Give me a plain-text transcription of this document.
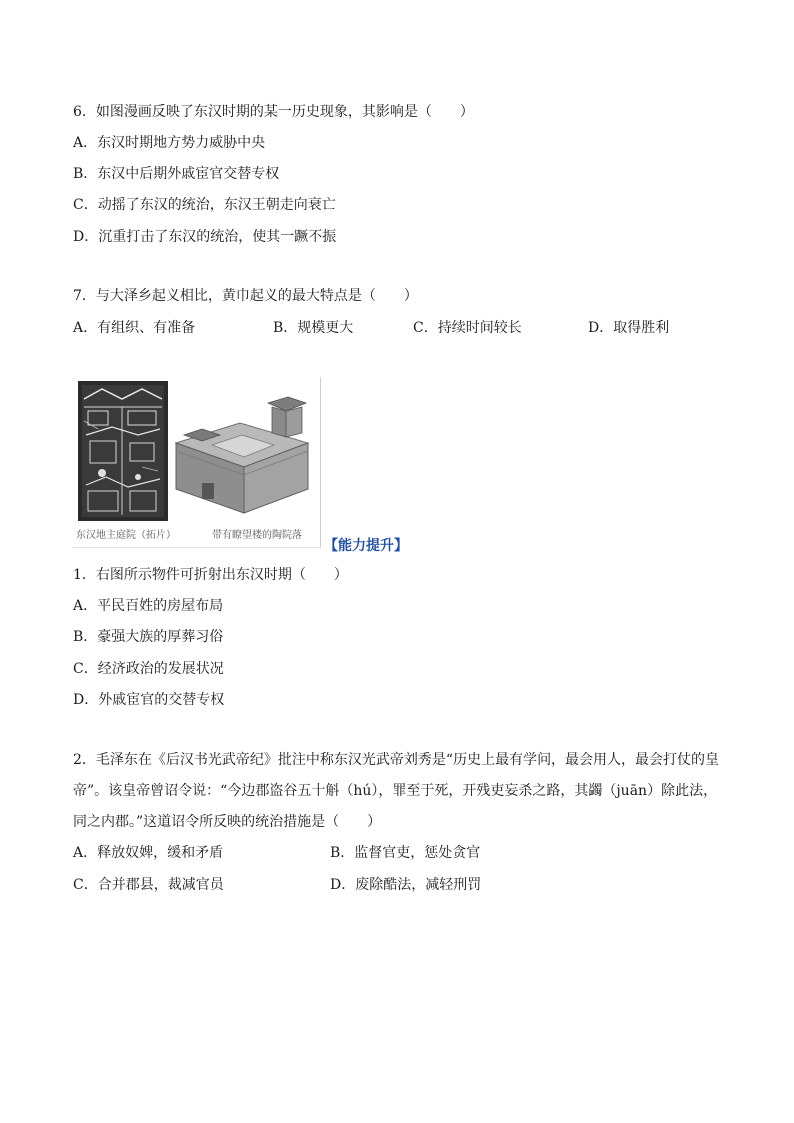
6．如图漫画反映了东汉时期的某一历史现象，其影响是（　　）
A．东汉时期地方势力威胁中央
B．东汉中后期外戚宦官交替专权
C．动摇了东汉的统治，东汉王朝走向衰亡
D．沉重打击了东汉的统治，使其一蹶不振
7．与大泽乡起义相比，黄巾起义的最大特点是（　　）
A．有组织、有准备	B．规模更大	C．持续时间较长	D．取得胜利
东汉地主庭院（拓片）	带有瞭望楼的陶院落
【能力提升】
1．右图所示物件可折射出东汉时期（　　）
A．平民百姓的房屋布局
B．豪强大族的厚葬习俗
C．经济政治的发展状况
D．外戚宦官的交替专权
2．毛泽东在《后汉书光武帝纪》批注中称东汉光武帝刘秀是“历史上最有学问，最会用人，最会打仗的皇
帝”。该皇帝曾诏令说：“今边郡盗谷五十斛（hú），罪至于死，开残吏妄杀之路，其蠲（juān）除此法，
同之内郡。”这道诏令所反映的统治措施是（　　）
A．释放奴婢，缓和矛盾	B．监督官吏，惩处贪官
C．合并郡县，裁减官员	D．废除酷法，减轻刑罚
